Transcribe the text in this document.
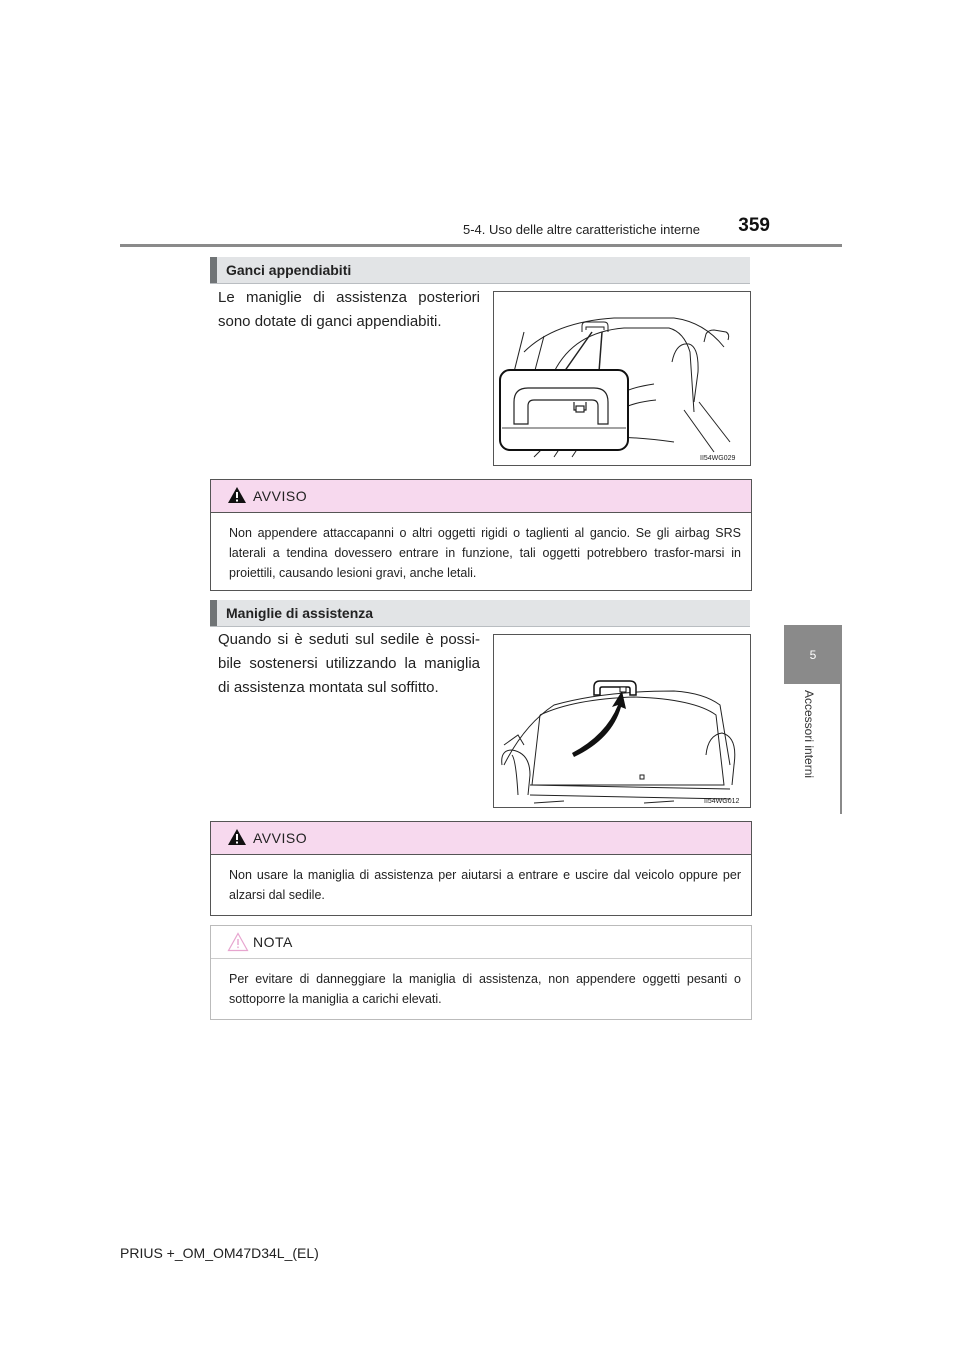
5-4. Uso delle altre caratteristiche interne	359
5
Accessori interni
Ganci appendiabiti
Le maniglie di assistenza posteriori sono dotate di ganci appendiabiti.
II54WG029
AVVISO
Non appendere attaccapanni o altri oggetti rigidi o taglienti al gancio. Se gli airbag SRS laterali a tendina dovessero entrare in funzione, tali oggetti potrebbero trasfor-marsi in proiettili, causando lesioni gravi, anche letali.
Maniglie di assistenza
Quando si è seduti sul sedile è possi-bile sostenersi utilizzando la maniglia di assistenza montata sul soffitto.
II54WG012
AVVISO
Non usare la maniglia di assistenza per aiutarsi a entrare e uscire dal veicolo oppure per alzarsi dal sedile.
NOTA
Per evitare di danneggiare la maniglia di assistenza, non appendere oggetti pesanti o sottoporre la maniglia a carichi elevati.
PRIUS +_OM_OM47D34L_(EL)
